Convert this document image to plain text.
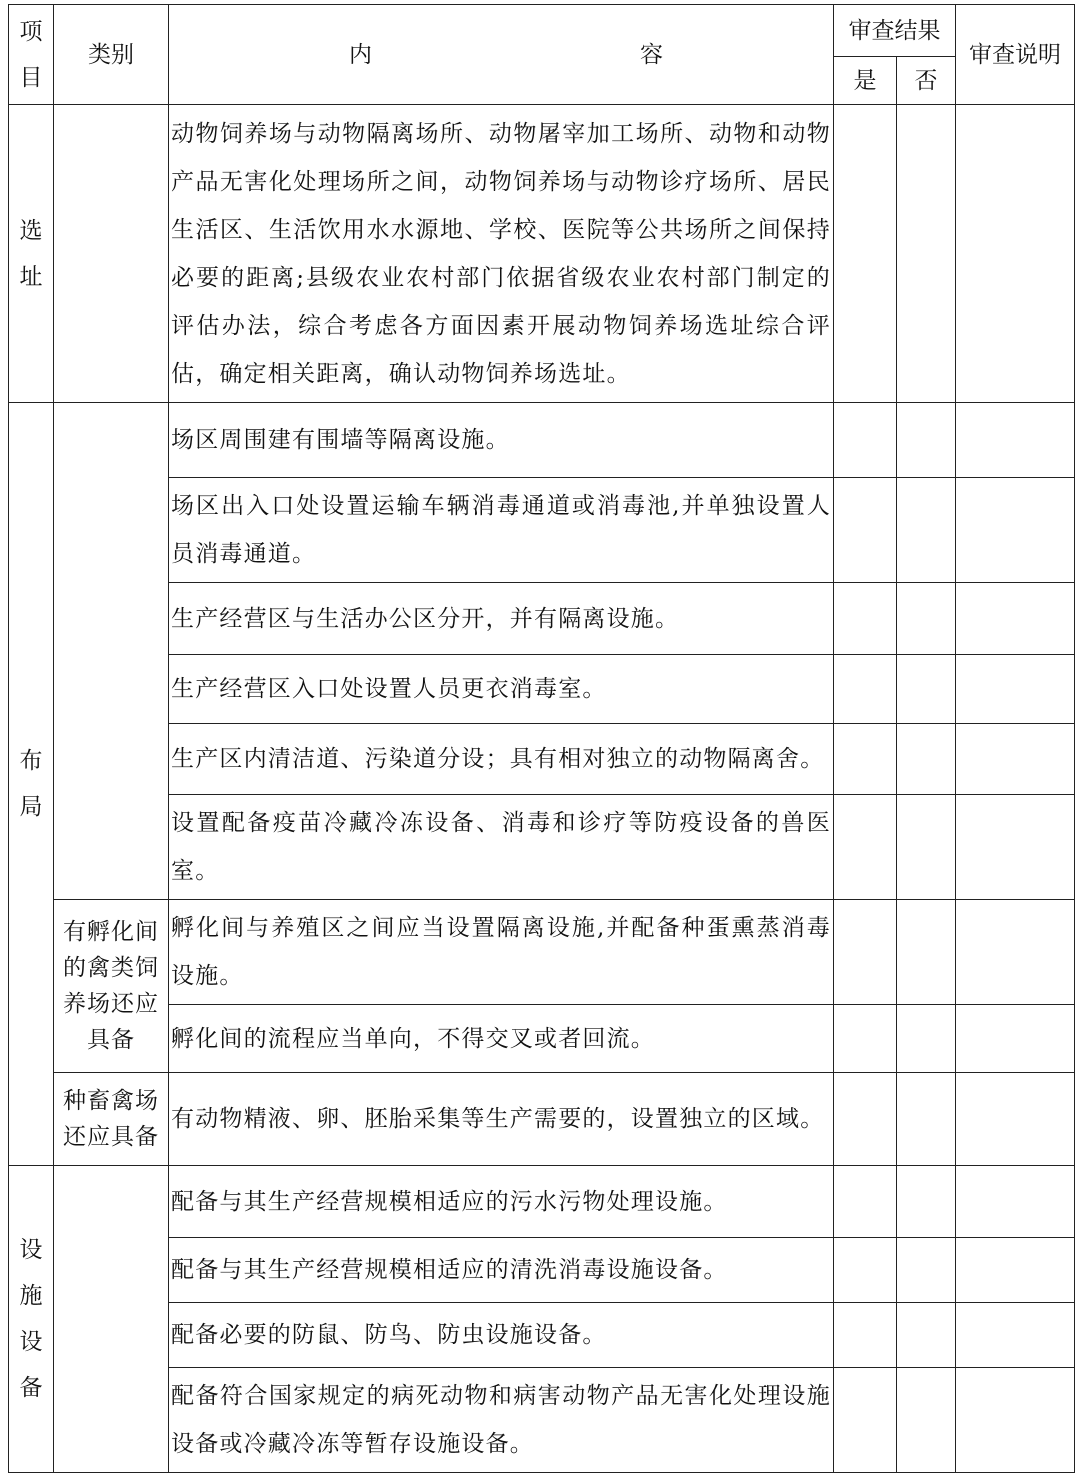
项
目	类别	内 容	审查结果		审查说明
			是	否	

选
址		动物饲养场与动物隔离场所、动物屠宰加工场所、动物和动物产品无害化处理场所之间，动物饲养场与动物诊疗场所、居民生活区、生活饮用水水源地、学校、医院等公共场所之间保持必要的距离;县级农业农村部门依据省级农业农村部门制定的评估办法，综合考虑各方面因素开展动物饲养场选址综合评估，确定相关距离，确认动物饲养场选址。			

布
局		场区周围建有围墙等隔离设施。			
		场区出入口处设置运输车辆消毒通道或消毒池,并单独设置人员消毒通道。			
		生产经营区与生活办公区分开，并有隔离设施。			
		生产经营区入口处设置人员更衣消毒室。			
		生产区内清洁道、污染道分设；具有相对独立的动物隔离舍。			
		设置配备疫苗冷藏冷冻设备、消毒和诊疗等防疫设备的兽医室。			
	有孵化间的禽类饲养场还应具备	孵化间与养殖区之间应当设置隔离设施,并配备种蛋熏蒸消毒设施。			
		孵化间的流程应当单向，不得交叉或者回流。			
	种畜禽场还应具备	有动物精液、卵、胚胎采集等生产需要的，设置独立的区域。			

设
施
设
备		配备与其生产经营规模相适应的污水污物处理设施。			
		配备与其生产经营规模相适应的清洗消毒设施设备。			
		配备必要的防鼠、防鸟、防虫设施设备。			
		配备符合国家规定的病死动物和病害动物产品无害化处理设施设备或冷藏冷冻等暂存设施设备。			
